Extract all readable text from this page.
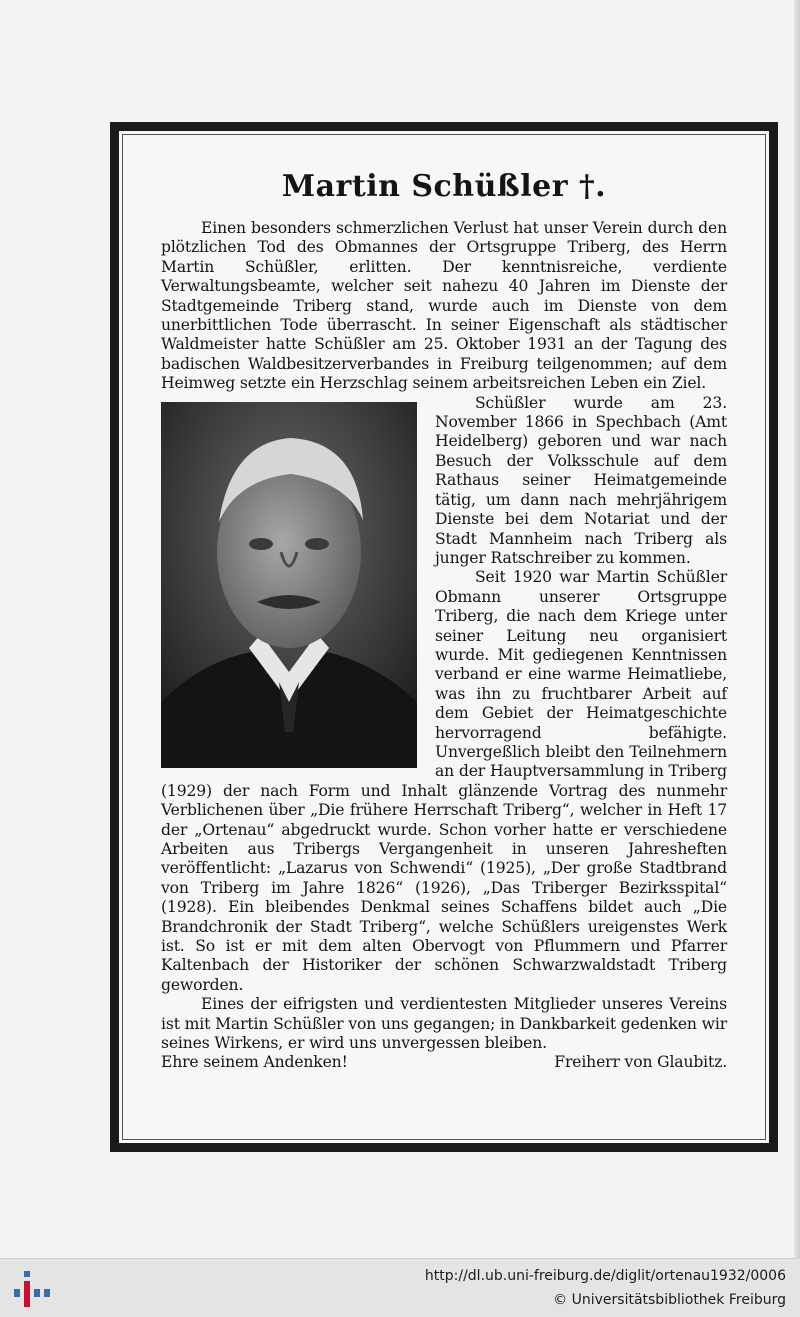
Martin Schüßler †.

Einen besonders schmerzlichen Verlust hat unser Verein durch den plötzlichen Tod des Obmannes der Ortsgruppe Triberg, des Herrn Martin Schüßler, erlitten. Der kenntnisreiche, verdiente Verwaltungsbeamte, welcher seit nahezu 40 Jahren im Dienste der Stadtgemeinde Triberg stand, wurde auch im Dienste von dem unerbittlichen Tode überrascht. In seiner Eigenschaft als städtischer Waldmeister hatte Schüßler am 25. Oktober 1931 an der Tagung des badischen Waldbesitzerverbandes in Freiburg teilgenommen; auf dem Heimweg setzte ein Herzschlag seinem arbeitsreichen Leben ein Ziel.

Schüßler wurde am 23. November 1866 in Spechbach (Amt Heidelberg) geboren und war nach Besuch der Volksschule auf dem Rathaus seiner Heimatgemeinde tätig, um dann nach mehrjährigem Dienste bei dem Notariat und der Stadt Mannheim nach Triberg als junger Ratschreiber zu kommen.

Seit 1920 war Martin Schüßler Obmann unserer Ortsgruppe Triberg, die nach dem Kriege unter seiner Leitung neu organisiert wurde. Mit gediegenen Kenntnissen verband er eine warme Heimatliebe, was ihn zu fruchtbarer Arbeit auf dem Gebiet der Heimatgeschichte hervorragend befähigte. Unvergeßlich bleibt den Teilnehmern an der Hauptversammlung in Triberg (1929) der nach Form und Inhalt glänzende Vortrag des nunmehr Verblichenen über „Die frühere Herrschaft Triberg“, welcher in Heft 17 der „Ortenau“ abgedruckt wurde. Schon vorher hatte er verschiedene Arbeiten aus Tribergs Vergangenheit in unseren Jahresheften veröffentlicht: „Lazarus von Schwendi“ (1925), „Der große Stadtbrand von Triberg im Jahre 1826“ (1926), „Das Triberger Bezirksspital“ (1928). Ein bleibendes Denkmal seines Schaffens bildet auch „Die Brandchronik der Stadt Triberg“, welche Schüßlers ureigenstes Werk ist. So ist er mit dem alten Obervogt von Pflummern und Pfarrer Kaltenbach der Historiker der schönen Schwarzwaldstadt Triberg geworden.

Eines der eifrigsten und verdientesten Mitglieder unseres Vereins ist mit Martin Schüßler von uns gegangen; in Dankbarkeit gedenken wir seines Wirkens, er wird uns unvergessen bleiben.

Ehre seinem Andenken!	Freiherr von Glaubitz.

http://dl.ub.uni-freiburg.de/diglit/ortenau1932/0006
© Universitätsbibliothek Freiburg
